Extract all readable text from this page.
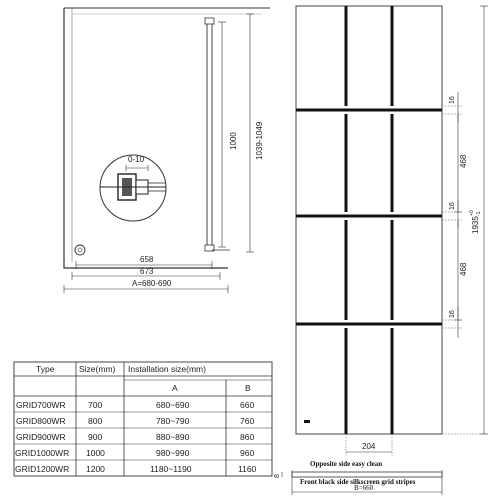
0-10
1000 1039-1049
658
673
A=680-690
16
468
16
468
16
1935
+0 -1
204
Opposite side easy clean
Front black side silkscreen grid stripes
B=660
8
Type	Size(mm) Installation size(mm)
A	B
GRID700WR	700	680~690	660
GRID800WR	800	780~790	760
GRID900WR	900	880~890	860
GRID1000WR 1000	980~990	960
GRID1200WR 1200	1180~1190	1160
